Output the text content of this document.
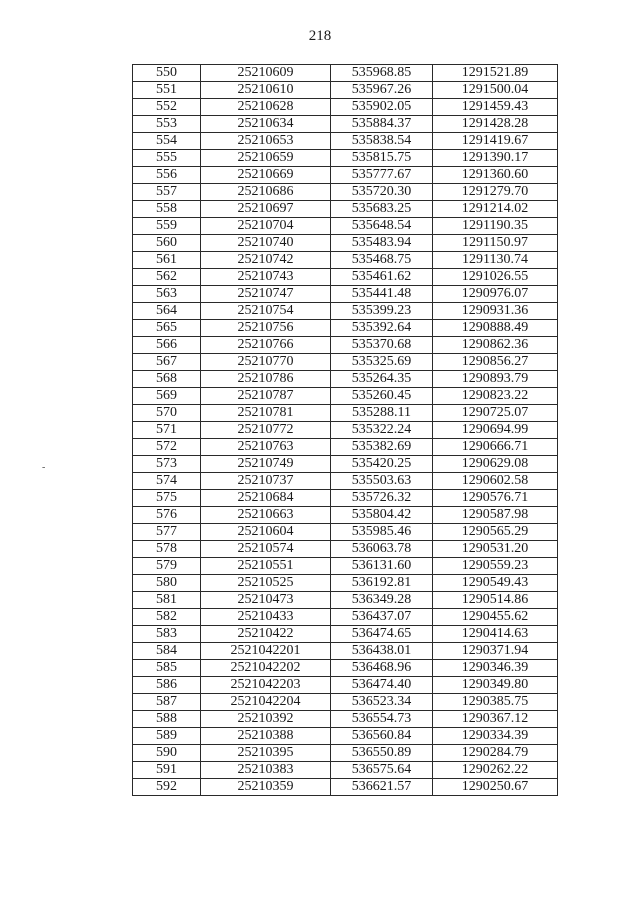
218
-
550	25210609	535968.85	1291521.89
551	25210610	535967.26	1291500.04
552	25210628	535902.05	1291459.43
553	25210634	535884.37	1291428.28
554	25210653	535838.54	1291419.67
555	25210659	535815.75	1291390.17
556	25210669	535777.67	1291360.60
557	25210686	535720.30	1291279.70
558	25210697	535683.25	1291214.02
559	25210704	535648.54	1291190.35
560	25210740	535483.94	1291150.97
561	25210742	535468.75	1291130.74
562	25210743	535461.62	1291026.55
563	25210747	535441.48	1290976.07
564	25210754	535399.23	1290931.36
565	25210756	535392.64	1290888.49
566	25210766	535370.68	1290862.36
567	25210770	535325.69	1290856.27
568	25210786	535264.35	1290893.79
569	25210787	535260.45	1290823.22
570	25210781	535288.11	1290725.07
571	25210772	535322.24	1290694.99
572	25210763	535382.69	1290666.71
573	25210749	535420.25	1290629.08
574	25210737	535503.63	1290602.58
575	25210684	535726.32	1290576.71
576	25210663	535804.42	1290587.98
577	25210604	535985.46	1290565.29
578	25210574	536063.78	1290531.20
579	25210551	536131.60	1290559.23
580	25210525	536192.81	1290549.43
581	25210473	536349.28	1290514.86
582	25210433	536437.07	1290455.62
583	25210422	536474.65	1290414.63
584	2521042201	536438.01	1290371.94
585	2521042202	536468.96	1290346.39
586	2521042203	536474.40	1290349.80
587	2521042204	536523.34	1290385.75
588	25210392	536554.73	1290367.12
589	25210388	536560.84	1290334.39
590	25210395	536550.89	1290284.79
591	25210383	536575.64	1290262.22
592	25210359	536621.57	1290250.67
